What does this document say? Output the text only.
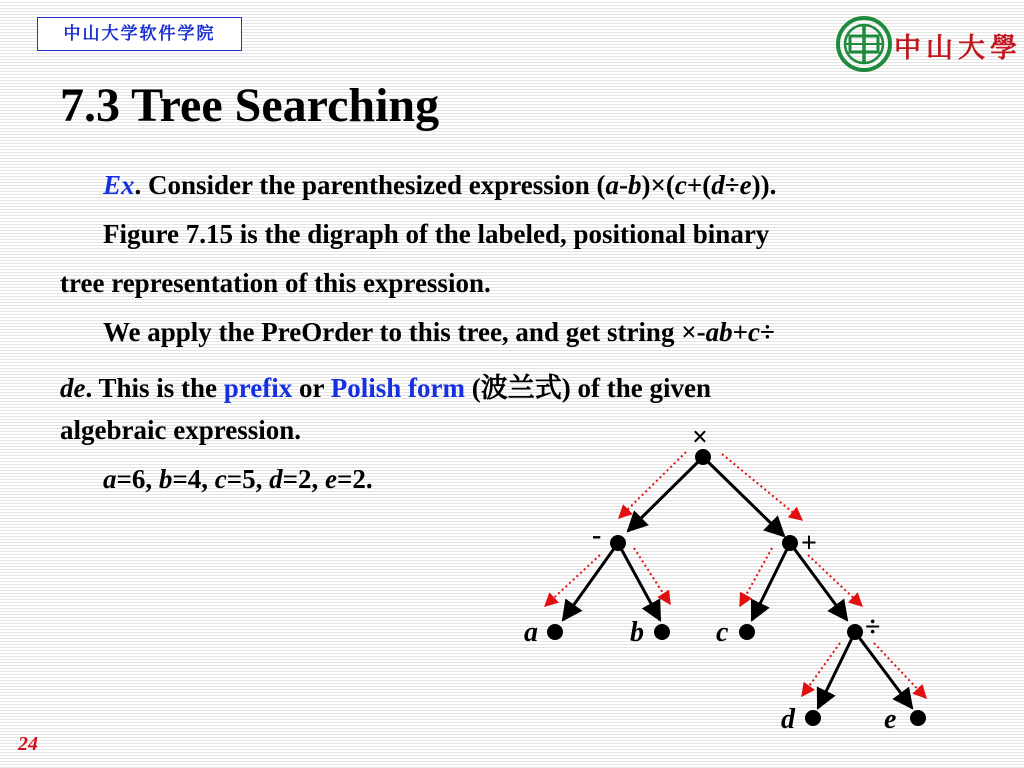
中山大学软件学院	中山大學
7.3 Tree Searching
Ex. Consider the parenthesized expression (a-b)×(c+(d÷e)).
Figure 7.15 is the digraph of the labeled, positional binary
tree representation of this expression.
We apply the PreOrder to this tree, and get string ×-ab+c÷
de. This is the prefix or Polish form (波兰式) of the given
algebraic expression.
a=6, b=4, c=5, d=2, e=2.
×
-	+
÷
a	b	c
d	e
24
